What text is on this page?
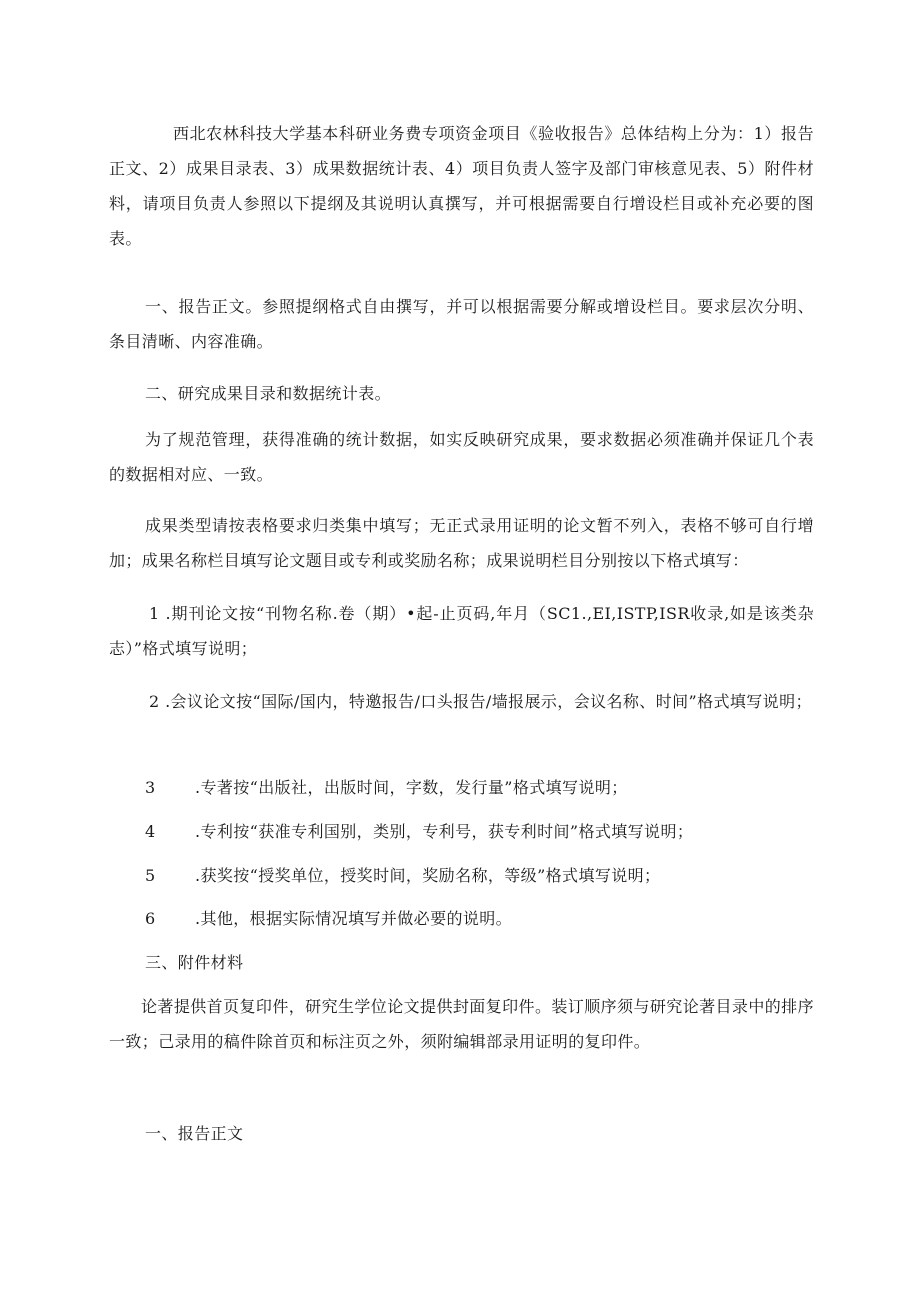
西北农林科技大学基本科研业务费专项资金项目《验收报告》总体结构上分为：1）报告正文、2）成果目录表、3）成果数据统计表、4）项目负责人签字及部门审核意见表、5）附件材料，请项目负责人参照以下提纲及其说明认真撰写，并可根据需要自行增设栏目或补充必要的图表。

一、报告正文。参照提纲格式自由撰写，并可以根据需要分解或增设栏目。要求层次分明、条目清晰、内容准确。

二、研究成果目录和数据统计表。

为了规范管理，获得准确的统计数据，如实反映研究成果，要求数据必须准确并保证几个表的数据相对应、一致。

成果类型请按表格要求归类集中填写；无正式录用证明的论文暂不列入，表格不够可自行增加；成果名称栏目填写论文题目或专利或奖励名称；成果说明栏目分别按以下格式填写：

1 .期刊论文按“刊物名称.卷（期）•起-止页码,年月（SC1.,EI,ISTP,ISR收录,如是该类杂志）”格式填写说明；

2 .会议论文按“国际/国内，特邀报告/口头报告/墙报展示，会议名称、时间”格式填写说明；

3 .专著按“出版社，出版时间，字数，发行量”格式填写说明；
4 .专利按“获准专利国别，类别，专利号，获专利时间”格式填写说明；
5 .获奖按“授奖单位，授奖时间，奖励名称，等级”格式填写说明；
6 .其他，根据实际情况填写并做必要的说明。

三、附件材料

论著提供首页复印件，研究生学位论文提供封面复印件。装订顺序须与研究论著目录中的排序一致；己录用的稿件除首页和标注页之外，须附编辑部录用证明的复印件。

一、报告正文
